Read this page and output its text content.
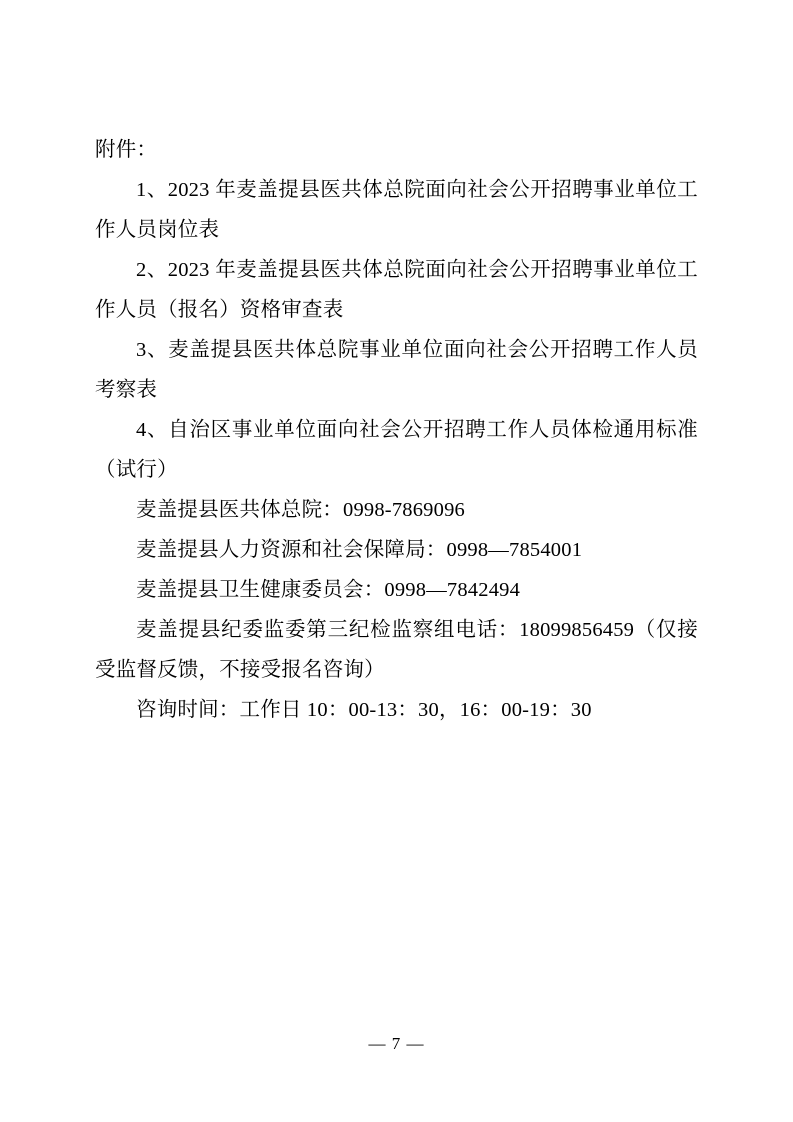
附件：

1、2023 年麦盖提县医共体总院面向社会公开招聘事业单位工作人员岗位表

2、2023 年麦盖提县医共体总院面向社会公开招聘事业单位工作人员（报名）资格审查表

3、麦盖提县医共体总院事业单位面向社会公开招聘工作人员考察表

4、自治区事业单位面向社会公开招聘工作人员体检通用标准（试行）

麦盖提县医共体总院：0998-7869096

麦盖提县人力资源和社会保障局：0998—7854001

麦盖提县卫生健康委员会：0998—7842494

麦盖提县纪委监委第三纪检监察组电话：18099856459（仅接受监督反馈，不接受报名咨询）

咨询时间：工作日 10：00-13：30，16：00-19：30

— 7 —
